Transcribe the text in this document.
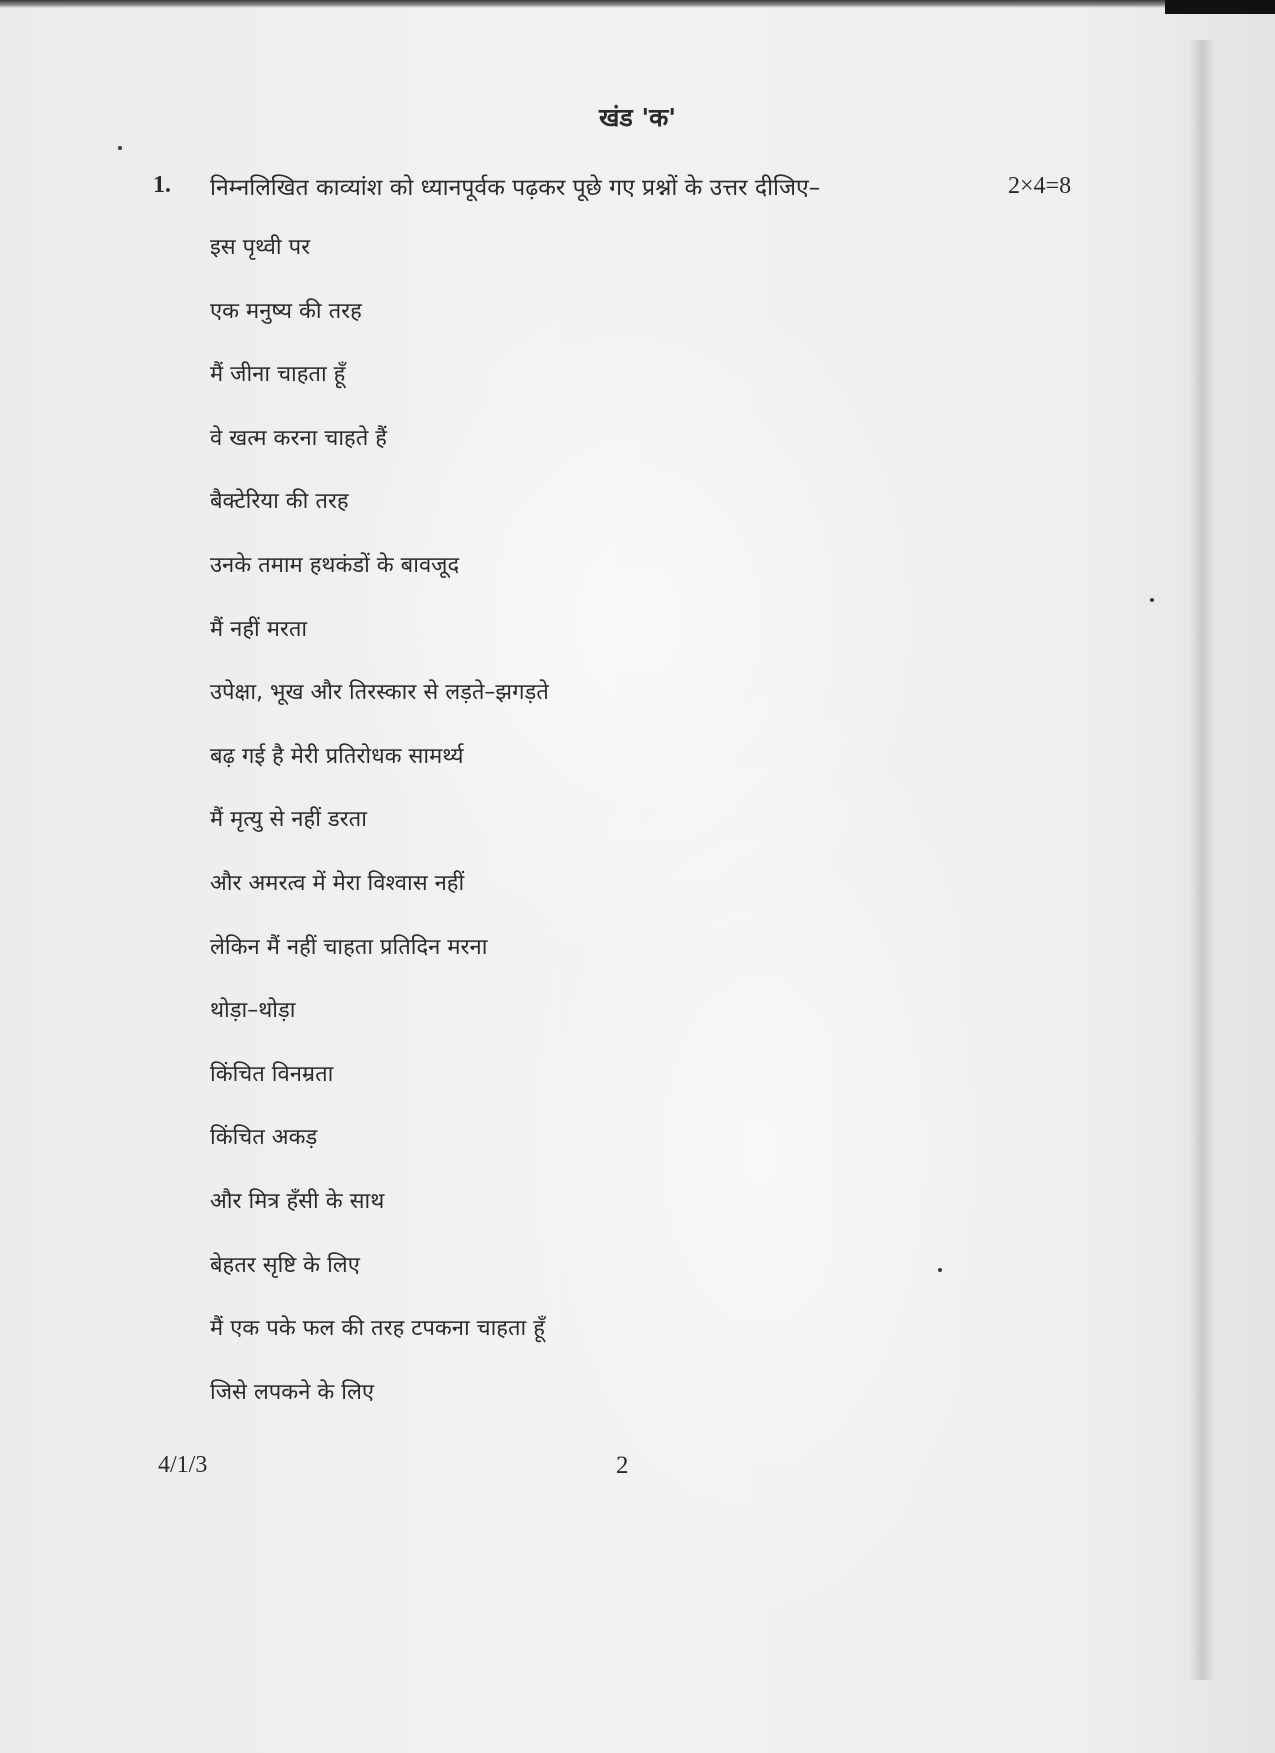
खंड 'क'
1. निम्नलिखित काव्यांश को ध्यानपूर्वक पढ़कर पूछे गए प्रश्नों के उत्तर दीजिए–	2×4=8
इस पृथ्वी पर
एक मनुष्य की तरह
मैं जीना चाहता हूँ
वे खत्म करना चाहते हैं
बैक्टेरिया की तरह
उनके तमाम हथकंडों के बावजूद
मैं नहीं मरता
उपेक्षा, भूख और तिरस्कार से लड़ते–झगड़ते
बढ़ गई है मेरी प्रतिरोधक सामर्थ्य
मैं मृत्यु से नहीं डरता
और अमरत्व में मेरा विश्वास नहीं
लेकिन मैं नहीं चाहता प्रतिदिन मरना
थोड़ा–थोड़ा
किंचित विनम्रता
किंचित अकड़
और मित्र हँसी के साथ
बेहतर सृष्टि के लिए
मैं एक पके फल की तरह टपकना चाहता हूँ
जिसे लपकने के लिए
4/1/3	2
